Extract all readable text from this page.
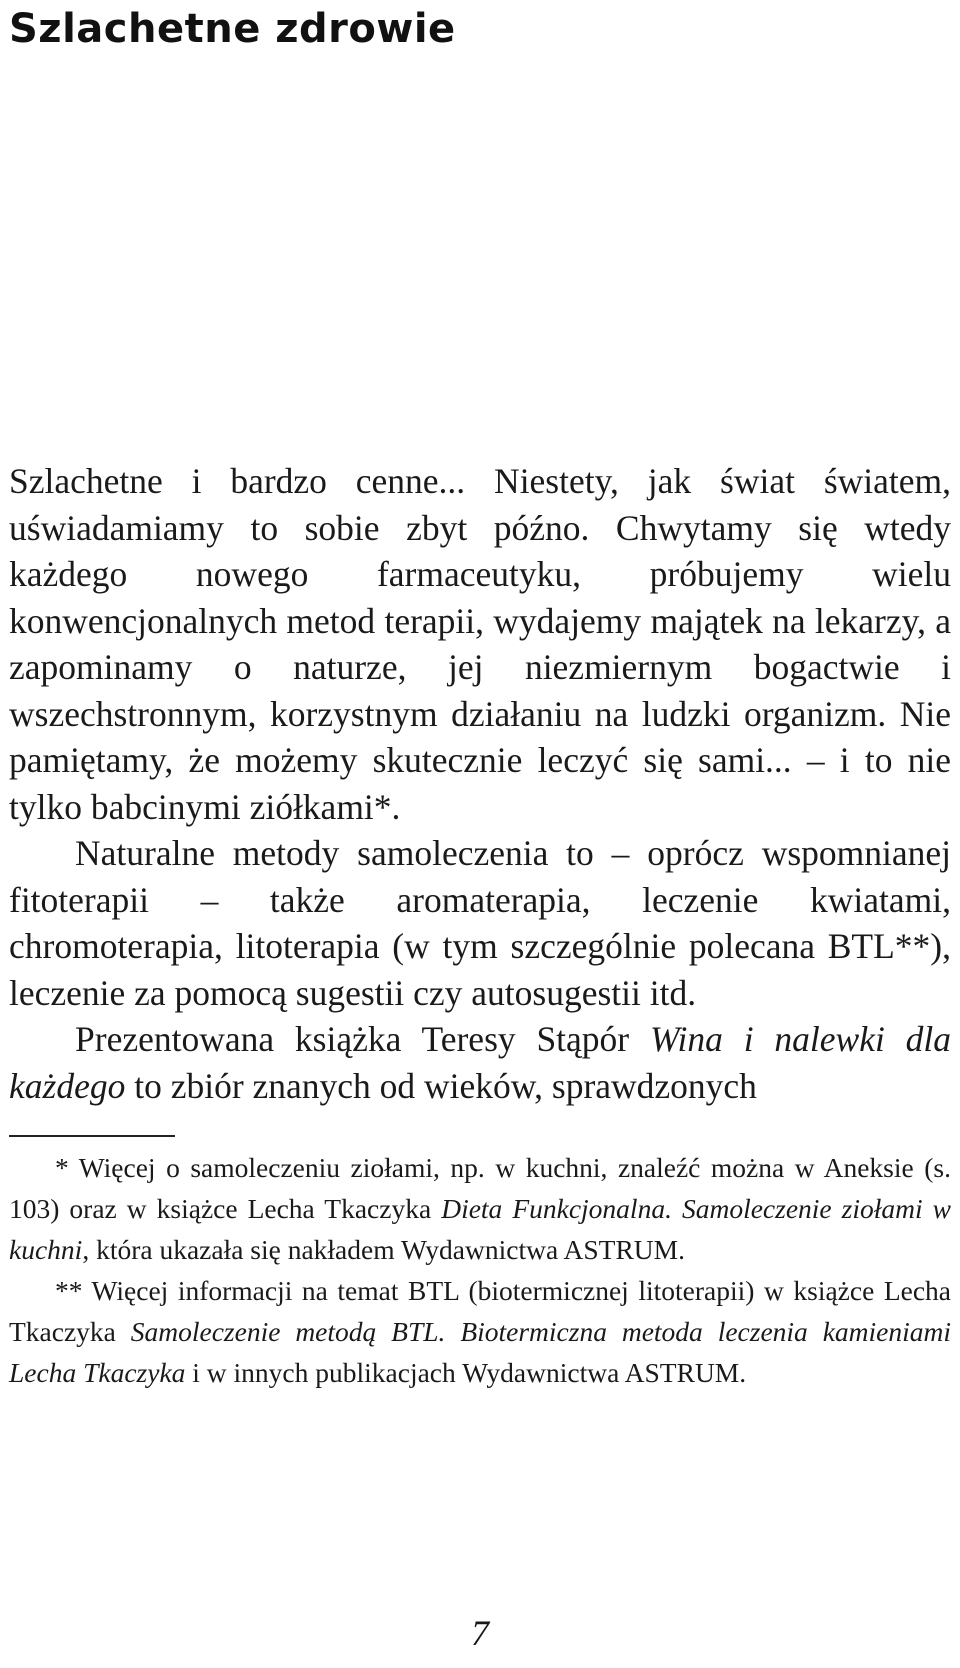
Szlachetne zdrowie

Szlachetne i bardzo cenne... Niestety, jak świat światem, uświadamiamy to sobie zbyt późno. Chwytamy się wtedy każdego nowego farmaceutyku, próbujemy wielu konwencjonalnych metod terapii, wydajemy majątek na lekarzy, a zapominamy o naturze, jej niezmiernym bogactwie i wszechstronnym, korzystnym działaniu na ludzki organizm. Nie pamiętamy, że możemy skutecznie leczyć się sami... – i to nie tylko babcinymi ziółkami*.

Naturalne metody samoleczenia to – oprócz wspomnianej fitoterapii – także aromaterapia, leczenie kwiatami, chromoterapia, litoterapia (w tym szczególnie polecana BTL**), leczenie za pomocą sugestii czy autosugestii itd.

Prezentowana książka Teresy Stąpór Wina i nalewki dla każdego to zbiór znanych od wieków, sprawdzonych

* Więcej o samoleczeniu ziołami, np. w kuchni, znaleźć można w Aneksie (s. 103) oraz w książce Lecha Tkaczyka Dieta Funkcjonalna. Samoleczenie ziołami w kuchni, która ukazała się nakładem Wydawnictwa ASTRUM.

** Więcej informacji na temat BTL (biotermicznej litoterapii) w książce Lecha Tkaczyka Samoleczenie metodą BTL. Biotermiczna metoda leczenia kamieniami Lecha Tkaczyka i w innych publikacjach Wydawnictwa ASTRUM.

7
